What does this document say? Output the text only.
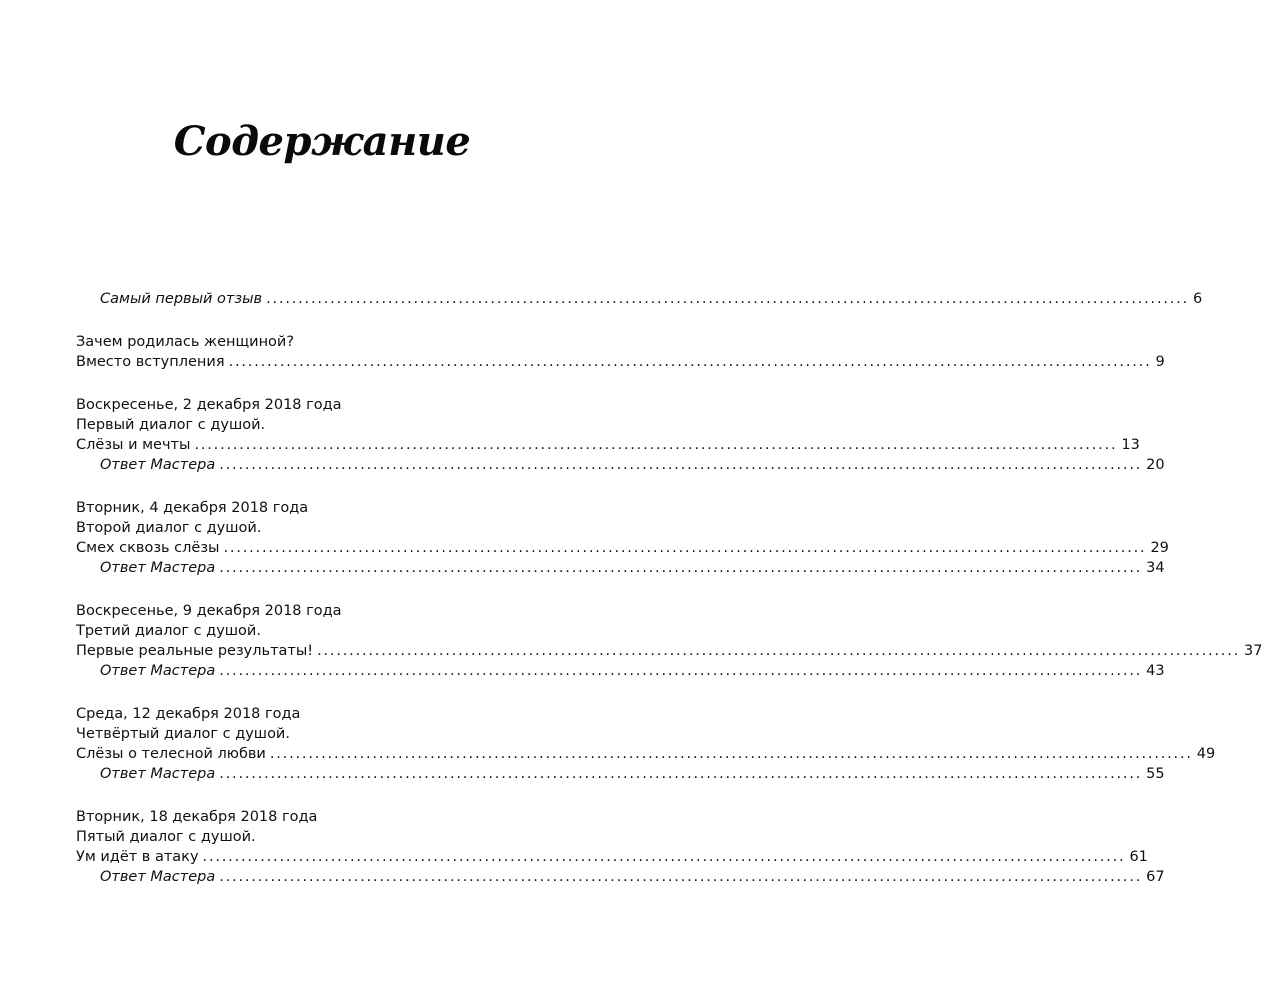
Содержание
Самый первый отзыв ................................................................................................................................................ 6
Зачем родилась женщиной?
Вместо вступления ................................................................................................................................................ 9
Воскресенье, 2 декабря 2018 года
Первый диалог с душой.
Слёзы и мечты ................................................................................................................................................ 13
Ответ Мастера ................................................................................................................................................ 20
Вторник, 4 декабря 2018 года
Второй диалог с душой.
Смех сквозь слёзы ................................................................................................................................................ 29
Ответ Мастера ................................................................................................................................................ 34
Воскресенье, 9 декабря 2018 года
Третий диалог с душой.
Первые реальные результаты! ................................................................................................................................................ 37
Ответ Мастера ................................................................................................................................................ 43
Среда, 12 декабря 2018 года
Четвёртый диалог с душой.
Слёзы о телесной любви ................................................................................................................................................ 49
Ответ Мастера ................................................................................................................................................ 55
Вторник, 18 декабря 2018 года
Пятый диалог с душой.
Ум идёт в атаку ................................................................................................................................................ 61
Ответ Мастера ................................................................................................................................................ 67
